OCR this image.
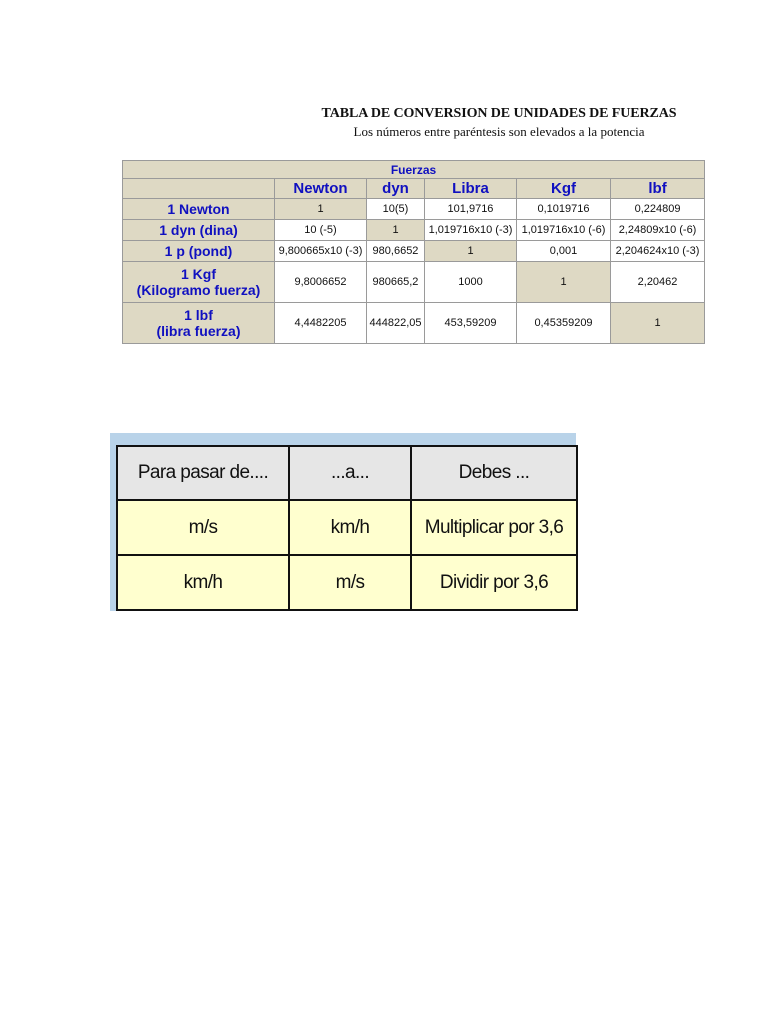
TABLA DE CONVERSION DE UNIDADES DE FUERZAS
Los números entre paréntesis son elevados a la potencia
Fuerzas					
	Newton	dyn	Libra	Kgf	lbf
1 Newton	1	10(5)	101,9716	0,1019716	0,224809
1 dyn (dina)	10 (-5)	1	1,019716x10 (-3)	1,019716x10 (-6)	2,24809x10 (-6)
1 p (pond)	9,800665x10 (-3)	980,6652	1	0,001	2,204624x10 (-3)

1 Kgf
(Kilogramo fuerza)	9,8006652	980665,2	1000	1	2,20462

1 lbf
(libra fuerza)	4,4482205	444822,05	453,59209	0,45359209	1
Para pasar de....	...a...	Debes ...
m/s	km/h	Multiplicar por 3,6
km/h	m/s	Dividir por 3,6
